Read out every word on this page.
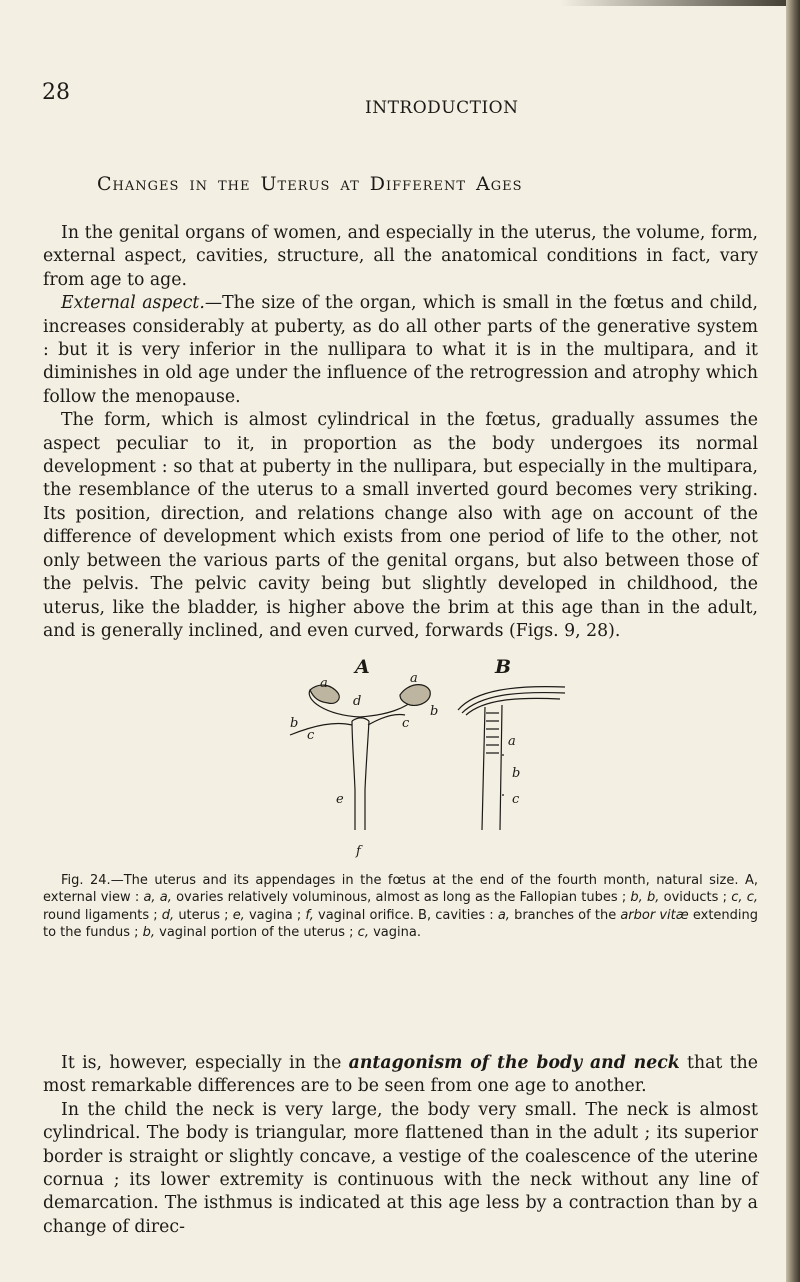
28
INTRODUCTION
Changes in the Uterus at Different Ages

In the genital organs of women, and especially in the uterus, the volume, form, external aspect, cavities, structure, all the anatomical conditions in fact, vary from age to age.

External aspect.—The size of the organ, which is small in the fœtus and child, increases considerably at puberty, as do all other parts of the generative system : but it is very inferior in the nullipara to what it is in the multipara, and it diminishes in old age under the influence of the retrogression and atrophy which follow the menopause.

The form, which is almost cylindrical in the fœtus, gradually assumes the aspect peculiar to it, in proportion as the body undergoes its normal development : so that at puberty in the nullipara, but especially in the multipara, the resemblance of the uterus to a small inverted gourd becomes very striking. Its position, direction, and relations change also with age on account of the difference of development which exists from one period of life to the other, not only between the various parts of the genital organs, but also between those of the pelvis. The pelvic cavity being but slightly developed in childhood, the uterus, like the bladder, is higher above the brim at this age than in the adult, and is generally inclined, and even curved, forwards (Figs. 9, 28).

A	B
a	a
b
b
c
c
d
e
f
a
b
c

Fig. 24.—The uterus and its appendages in the fœtus at the end of the fourth month, natural size. A, external view : a, a, ovaries relatively voluminous, almost as long as the Fallopian tubes ; b, b, oviducts ; c, c, round ligaments ; d, uterus ; e, vagina ; f, vaginal orifice. B, cavities : a, branches of the arbor vitæ extending to the fundus ; b, vaginal portion of the uterus ; c, vagina.

It is, however, especially in the antagonism of the body and neck that the most remarkable differences are to be seen from one age to another.

In the child the neck is very large, the body very small. The neck is almost cylindrical. The body is triangular, more flattened than in the adult ; its superior border is straight or slightly concave, a vestige of the coalescence of the uterine cornua ; its lower extremity is continuous with the neck without any line of demarcation. The isthmus is indicated at this age less by a contraction than by a change of direc-
